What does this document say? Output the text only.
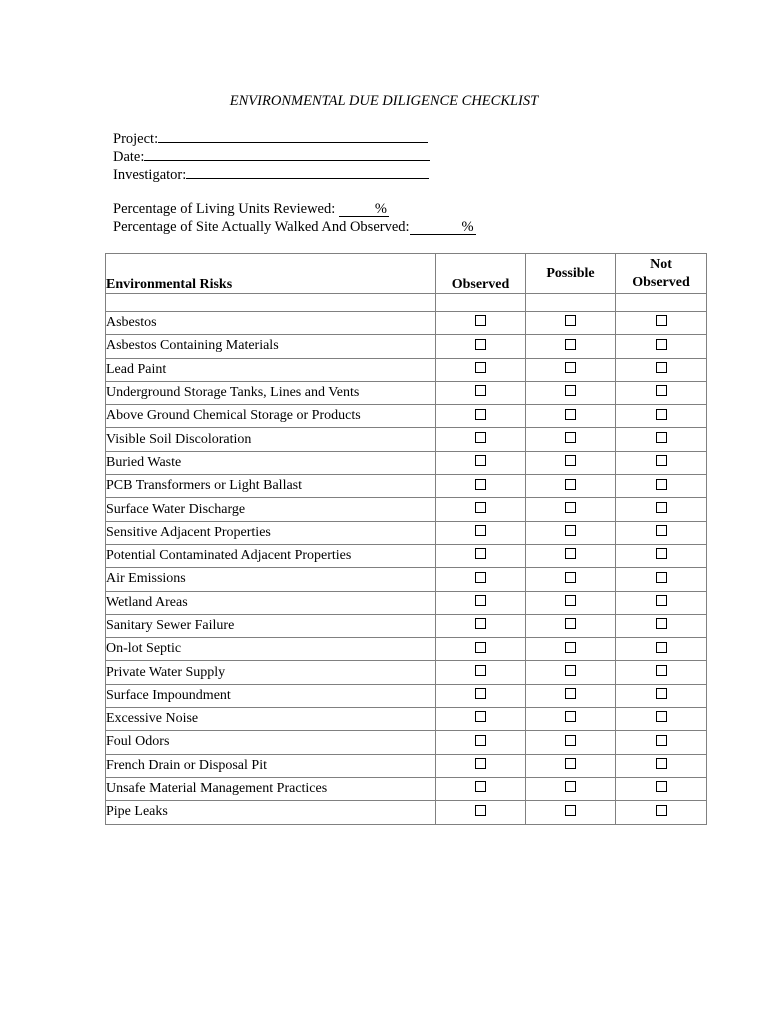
ENVIRONMENTAL DUE DILIGENCE CHECKLIST
Project:
Date:
Investigator:
Percentage of Living Units Reviewed:	%
Percentage of Site Actually Walked And Observed:	%
Environmental Risks	Observed	Possible	Not
Observed

Asbestos			
Asbestos Containing Materials			
Lead Paint			
Underground Storage Tanks, Lines and Vents			
Above Ground Chemical Storage or Products			
Visible Soil Discoloration			
Buried Waste			
PCB Transformers or Light Ballast			
Surface Water Discharge			
Sensitive Adjacent Properties			
Potential Contaminated Adjacent Properties			
Air Emissions			
Wetland Areas			
Sanitary Sewer Failure			
On-lot Septic			
Private Water Supply			
Surface Impoundment			
Excessive Noise			
Foul Odors			
French Drain or Disposal Pit			
Unsafe Material Management Practices			
Pipe Leaks			
